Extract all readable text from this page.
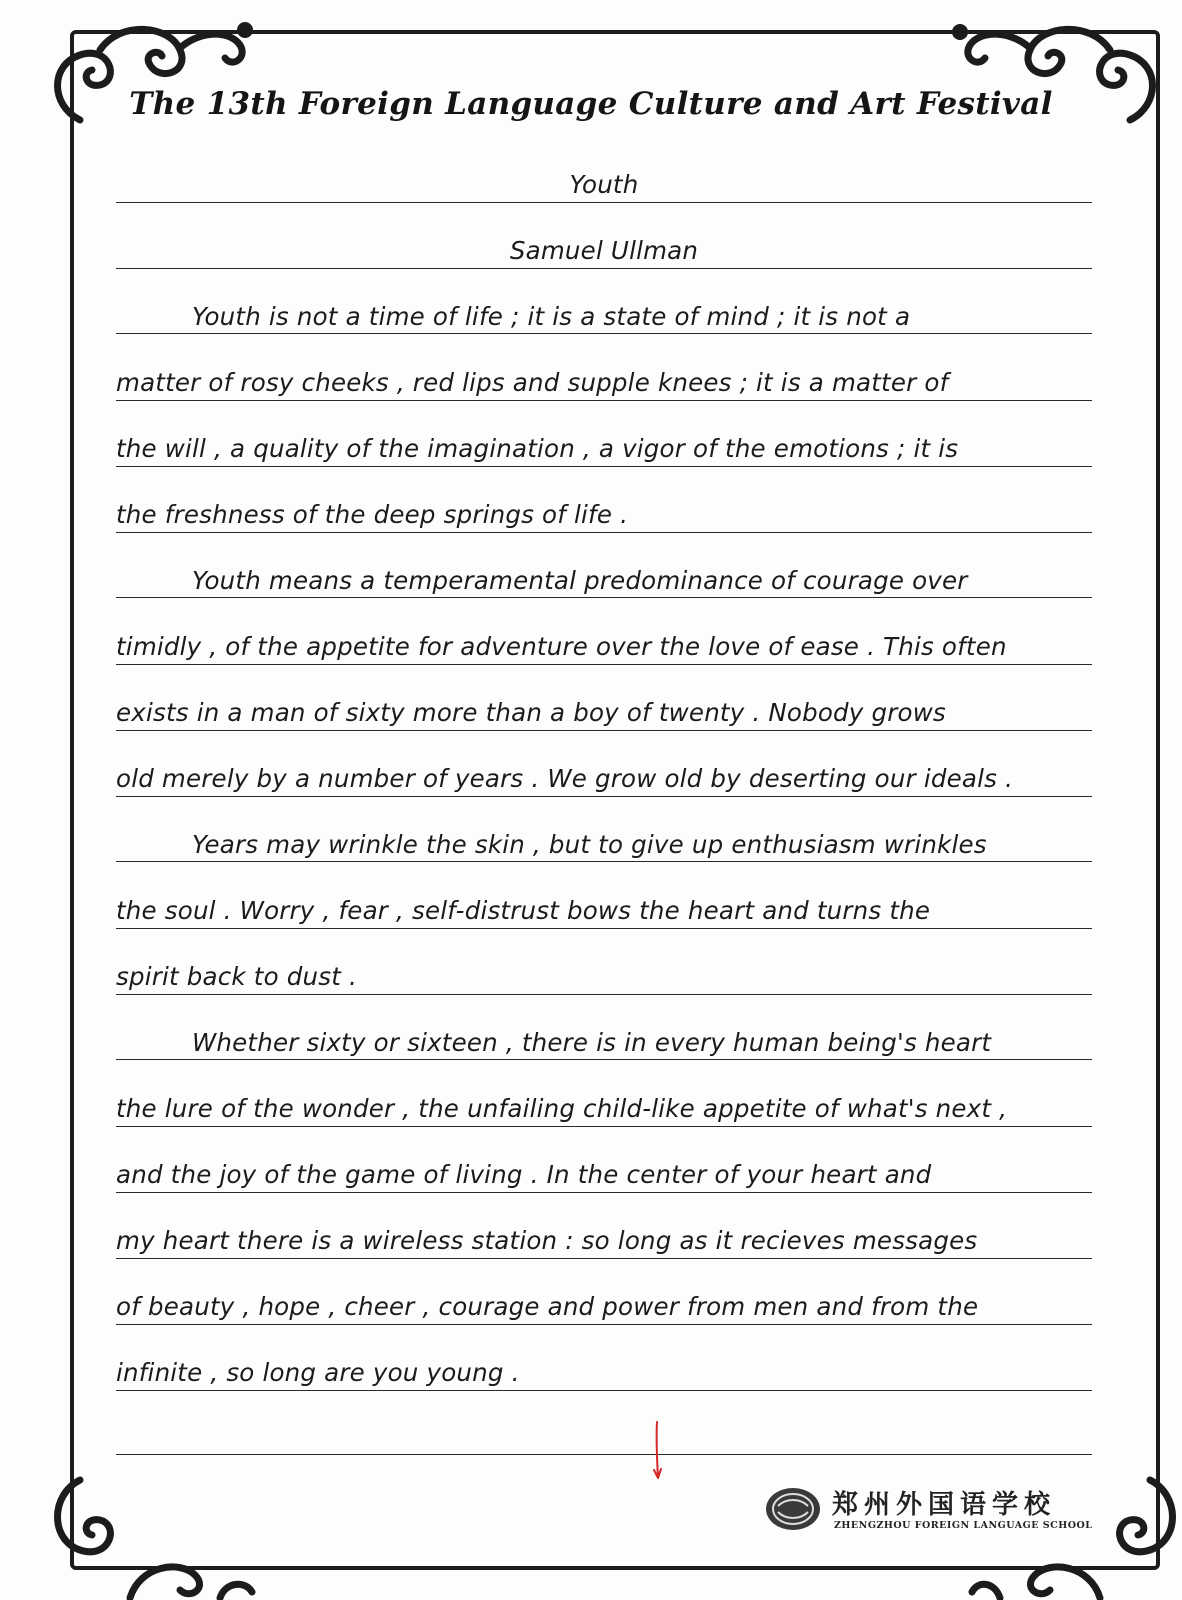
The 13th Foreign Language Culture and Art Festival
Youth
Samuel Ullman
Youth is not a time of life ; it is a state of mind ; it is not a
matter of rosy cheeks , red lips and supple knees ; it is a matter of
the will , a quality of the imagination , a vigor of the emotions ; it is
the freshness of the deep springs of life .
Youth means a temperamental predominance of courage over
timidly , of the appetite for adventure over the love of ease . This often
exists in a man of sixty more than a boy of twenty . Nobody grows
old merely by a number of years . We grow old by deserting our ideals .
Years may wrinkle the skin , but to give up enthusiasm wrinkles
the soul . Worry , fear , self-distrust bows the heart and turns the
spirit back to dust .
Whether sixty or sixteen , there is in every human being's heart
the lure of the wonder , the unfailing child-like appetite of what's next ,
and the joy of the game of living . In the center of your heart and
my heart there is a wireless station : so long as it recieves messages
of beauty , hope , cheer , courage and power from men and from the
infinite , so long are you young .
郑州外国语学校
ZHENGZHOU FOREIGN LANGUAGE SCHOOL
